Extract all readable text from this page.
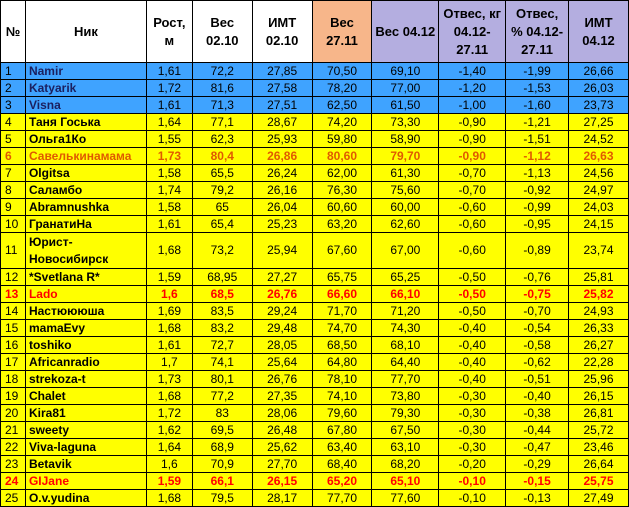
№	Ник	Рост, м	Вес 02.10	ИМТ 02.10	Вес 27.11	Вес 04.12	Отвес, кг 04.12-27.11	Отвес, % 04.12-27.11	ИМТ 04.12
1	Namir	1,61	72,2	27,85	70,50	69,10	-1,40	-1,99	26,66
2	Katyarik	1,72	81,6	27,58	78,20	77,00	-1,20	-1,53	26,03
3	Visna	1,61	71,3	27,51	62,50	61,50	-1,00	-1,60	23,73
4	Таня Госька	1,64	77,1	28,67	74,20	73,30	-0,90	-1,21	27,25
5	Ольга1Ко	1,55	62,3	25,93	59,80	58,90	-0,90	-1,51	24,52
6	Савелькинамама	1,73	80,4	26,86	80,60	79,70	-0,90	-1,12	26,63
7	Olgitsa	1,58	65,5	26,24	62,00	61,30	-0,70	-1,13	24,56
8	Саламбо	1,74	79,2	26,16	76,30	75,60	-0,70	-0,92	24,97
9	Abramnushka	1,58	65	26,04	60,60	60,00	-0,60	-0,99	24,03
10	ГранатиНа	1,61	65,4	25,23	63,20	62,60	-0,60	-0,95	24,15
11	Юрист-Новосибирск	1,68	73,2	25,94	67,60	67,00	-0,60	-0,89	23,74
12	*Svetlana R*	1,59	68,95	27,27	65,75	65,25	-0,50	-0,76	25,81
13	Lado	1,6	68,5	26,76	66,60	66,10	-0,50	-0,75	25,82
14	Настюююша	1,69	83,5	29,24	71,70	71,20	-0,50	-0,70	24,93
15	mamaEvy	1,68	83,2	29,48	74,70	74,30	-0,40	-0,54	26,33
16	toshiko	1,61	72,7	28,05	68,50	68,10	-0,40	-0,58	26,27
17	Africanradio	1,7	74,1	25,64	64,80	64,40	-0,40	-0,62	22,28
18	strekoza-t	1,73	80,1	26,76	78,10	77,70	-0,40	-0,51	25,96
19	Chalet	1,68	77,2	27,35	74,10	73,80	-0,30	-0,40	26,15
20	Kira81	1,72	83	28,06	79,60	79,30	-0,30	-0,38	26,81
21	sweety	1,62	69,5	26,48	67,80	67,50	-0,30	-0,44	25,72
22	Viva-laguna	1,64	68,9	25,62	63,40	63,10	-0,30	-0,47	23,46
23	Betavik	1,6	70,9	27,70	68,40	68,20	-0,20	-0,29	26,64
24	GIJane	1,59	66,1	26,15	65,20	65,10	-0,10	-0,15	25,75
25	O.v.yudina	1,68	79,5	28,17	77,70	77,60	-0,10	-0,13	27,49
